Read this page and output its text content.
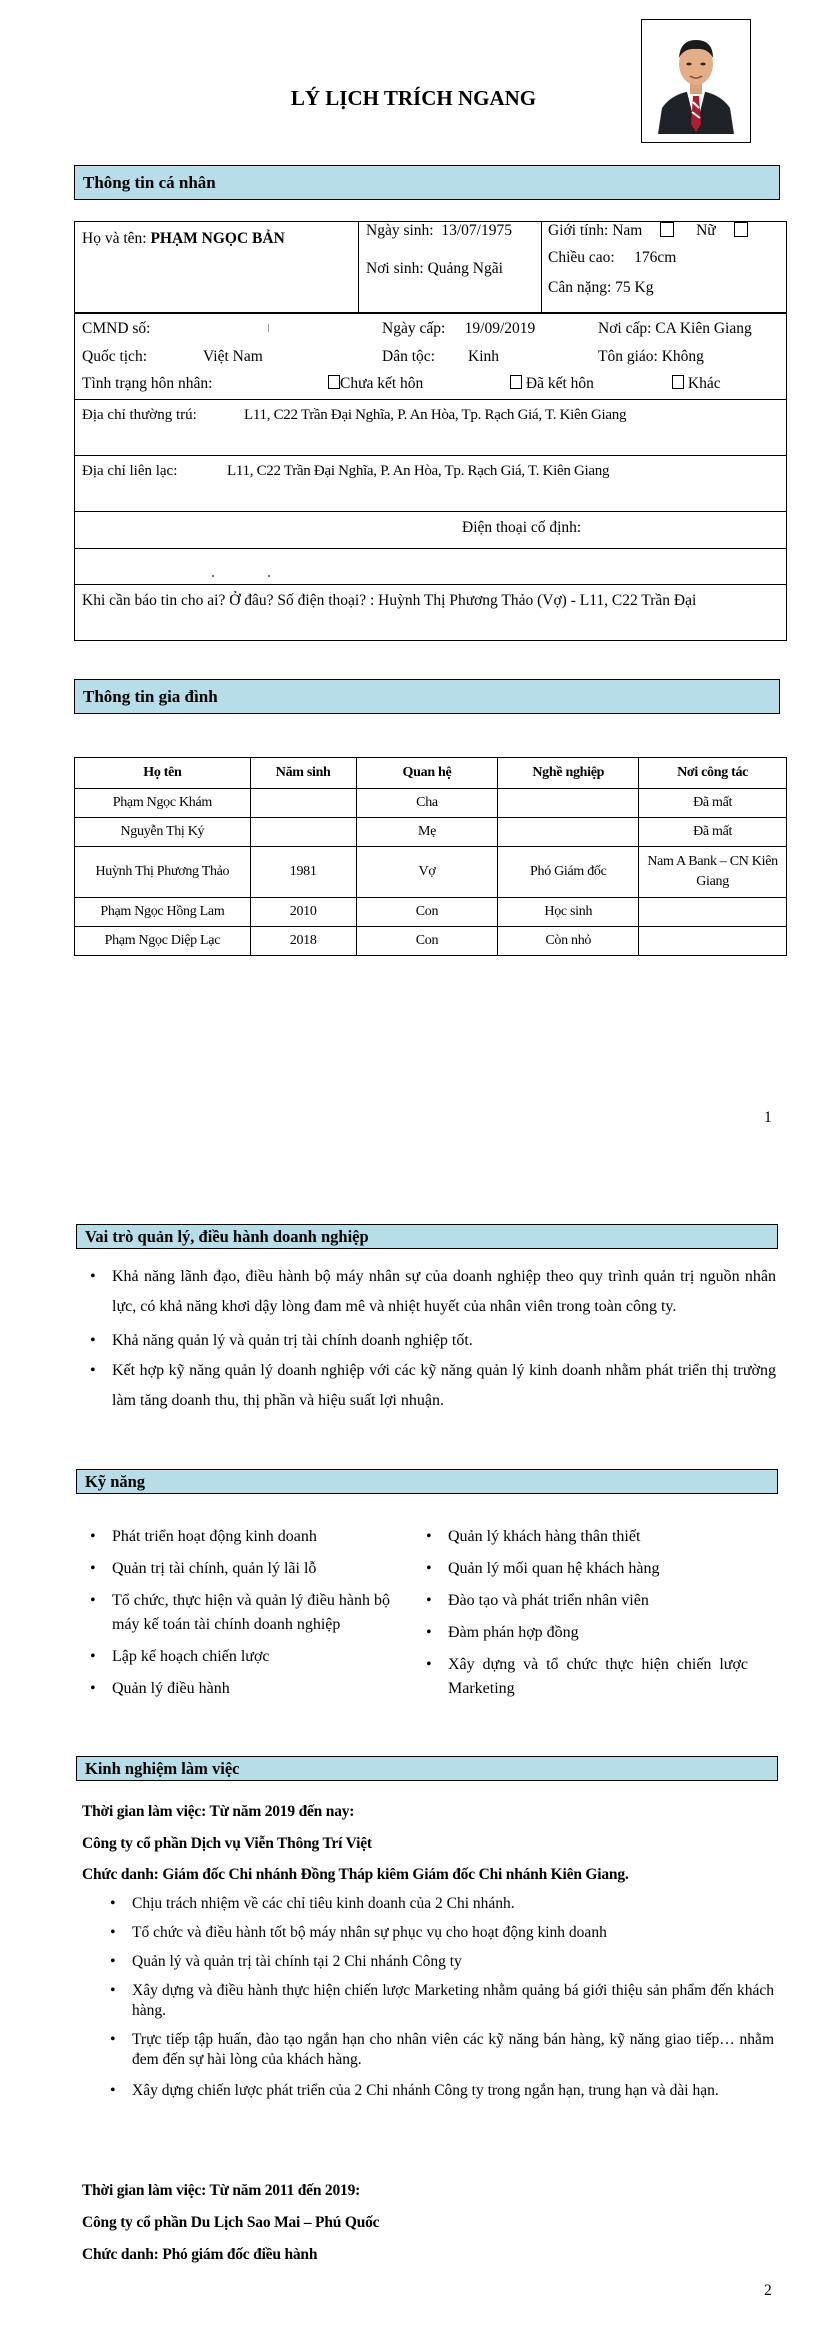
LÝ LỊCH TRÍCH NGANG
Thông tin cá nhân
Họ và tên: PHẠM NGỌC BẢN	Ngày sinh: 13/07/1975
Nơi sinh: Quảng Ngãi
Giới tính: Nam	Nữ
Chiều cao: 176cm
Cân nặng: 75 Kg
CMND số:	Ngày cấp: 19/09/2019	Nơi cấp: CA Kiên Giang
Quốc tịch:	Việt Nam	Dân tộc: Kinh	Tôn giáo: Không
Tình trạng hôn nhân:	Chưa kết hôn	Đã kết hôn	Khác
Địa chỉ thường trú:	L11, C22 Trần Đại Nghĩa, P. An Hòa, Tp. Rạch Giá, T. Kiên Giang
Địa chỉ liên lạc:	L11, C22 Trần Đại Nghĩa, P. An Hòa, Tp. Rạch Giá, T. Kiên Giang
Điện thoại cố định:
Khi cần báo tin cho ai? Ở đâu? Số điện thoại? : Huỳnh Thị Phương Thảo (Vợ) - L11, C22 Trần Đại
Thông tin gia đình
Họ tên	Năm sinh	Quan hệ	Nghề nghiệp	Nơi công tác
Phạm Ngọc Khám		Cha		Đã mất
Nguyễn Thị Ký		Mẹ		Đã mất
Huỳnh Thị Phương Thảo	1981	Vợ	Phó Giám đốc	Nam A Bank – CN Kiên Giang
Phạm Ngọc Hồng Lam	2010	Con	Học sinh	
Phạm Ngọc Diệp Lạc	2018	Con	Còn nhỏ	
1
Vai trò quản lý, điều hành doanh nghiệp
• Khả năng lãnh đạo, điều hành bộ máy nhân sự của doanh nghiệp theo quy trình quản trị nguồn nhân lực, có khả năng khơi dậy lòng đam mê và nhiệt huyết của nhân viên trong toàn công ty.
• Khả năng quản lý và quản trị tài chính doanh nghiệp tốt.
• Kết hợp kỹ năng quản lý doanh nghiệp với các kỹ năng quản lý kinh doanh nhằm phát triển thị trường làm tăng doanh thu, thị phần và hiệu suất lợi nhuận.
Kỹ năng
• Phát triển hoạt động kinh doanh
• Quản trị tài chính, quản lý lãi lỗ
• Tổ chức, thực hiện và quản lý điều hành bộ máy kế toán tài chính doanh nghiệp
• Lập kế hoạch chiến lược
• Quản lý điều hành
• Quản lý khách hàng thân thiết
• Quản lý mối quan hệ khách hàng
• Đào tạo và phát triển nhân viên
• Đàm phán hợp đồng
• Xây dựng và tổ chức thực hiện chiến lược Marketing
Kinh nghiệm làm việc
Thời gian làm việc: Từ năm 2019 đến nay:
Công ty cổ phần Dịch vụ Viễn Thông Trí Việt
Chức danh: Giám đốc Chi nhánh Đồng Tháp kiêm Giám đốc Chi nhánh Kiên Giang.
• Chịu trách nhiệm về các chỉ tiêu kinh doanh của 2 Chi nhánh.
• Tổ chức và điều hành tốt bộ máy nhân sự phục vụ cho hoạt động kinh doanh
• Quản lý và quản trị tài chính tại 2 Chi nhánh Công ty
• Xây dựng và điều hành thực hiện chiến lược Marketing nhằm quảng bá giới thiệu sản phẩm đến khách hàng.
• Trực tiếp tập huấn, đào tạo ngắn hạn cho nhân viên các kỹ năng bán hàng, kỹ năng giao tiếp… nhằm đem đến sự hài lòng của khách hàng.
• Xây dựng chiến lược phát triển của 2 Chi nhánh Công ty trong ngắn hạn, trung hạn và dài hạn.
Thời gian làm việc: Từ năm 2011 đến 2019:
Công ty cổ phần Du Lịch Sao Mai – Phú Quốc
Chức danh: Phó giám đốc điều hành
2
